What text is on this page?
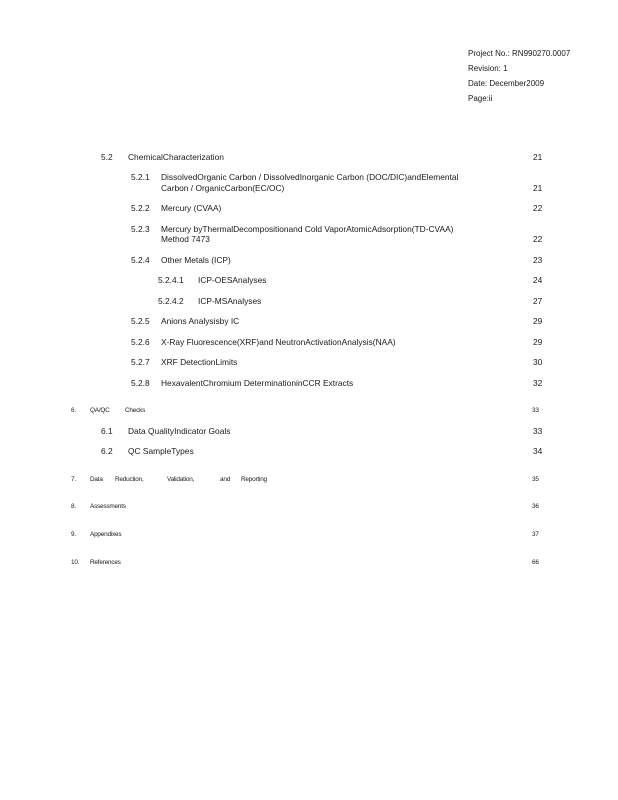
Project No.: RN990270.0007
Revision: 1
Date: December2009
Page:ii
5.2 ChemicalCharacterization	21
5.2.1 DissolvedOrganic Carbon / DissolvedInorganic Carbon (DOC/DIC)andElemental
Carbon / OrganicCarbon(EC/OC)	21
5.2.2 Mercury (CVAA)	22
5.2.3 Mercury byThermalDecompositionand Cold VaporAtomicAdsorption(TD-CVAA)
Method 7473	22
5.2.4 Other Metals (ICP)	23
5.2.4.1 ICP-OESAnalyses	24
5.2.4.2 ICP-MSAnalyses	27
5.2.5 Anions Analysisby IC	29
5.2.6 X-Ray Fluorescence(XRF)and NeutronActivationAnalysis(NAA)	29
5.2.7 XRF DetectionLimits	30
5.2.8 HexavalentChromium DeterminationinCCR Extracts	32
6. QA/QC Checks	33
6.1 Data QualityIndicator Goals	33
6.2 QC SampleTypes	34
7. Data Reduction,	Validation,	and Reporting	35
8. Assessments	36
9. Appendixes	37
10. References	66
